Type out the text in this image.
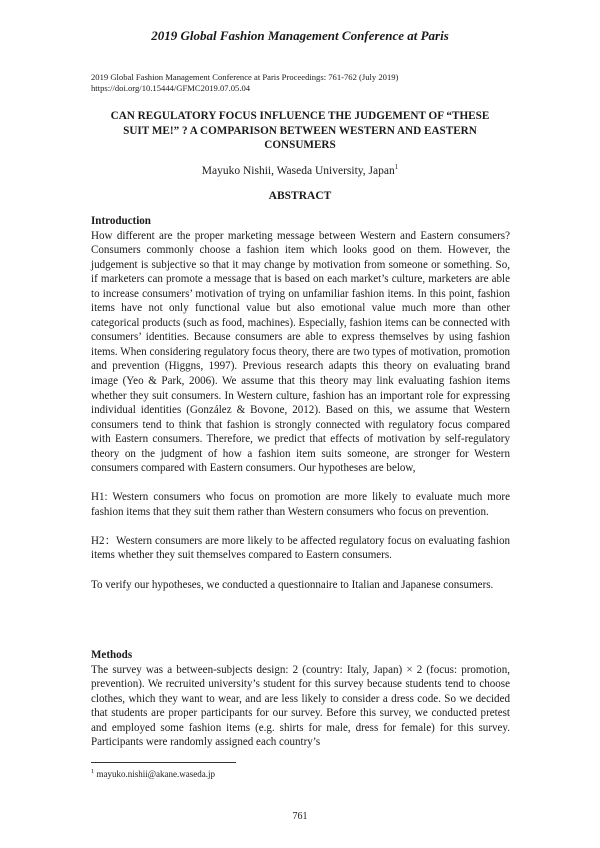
2019 Global Fashion Management Conference at Paris
2019 Global Fashion Management Conference at Paris Proceedings: 761-762 (July 2019)
https://doi.org/10.15444/GFMC2019.07.05.04
CAN REGULATORY FOCUS INFLUENCE THE JUDGEMENT OF “THESE
SUIT ME!” ? A COMPARISON BETWEEN WESTERN AND EASTERN
CONSUMERS
Mayuko Nishii, Waseda University, Japan$^1$
ABSTRACT
Introduction

How different are the proper marketing message between Western and Eastern consumers? Consumers commonly choose a fashion item which looks good on them. However, the judgement is subjective so that it may change by motivation from someone or something. So, if marketers can promote a message that is based on each market’s culture, marketers are able to increase consumers’ motivation of trying on unfamiliar fashion items. In this point, fashion items have not only functional value but also emotional value much more than other categorical products (such as food, machines). Especially, fashion items can be connected with consumers’ identities. Because consumers are able to express themselves by using fashion items. When considering regulatory focus theory, there are two types of motivation, promotion and prevention (Higgns, 1997). Previous research adapts this theory on evaluating brand image (Yeo & Park, 2006). We assume that this theory may link evaluating fashion items whether they suit consumers. In Western culture, fashion has an important role for expressing individual identities (González & Bovone, 2012). Based on this, we assume that Western consumers tend to think that fashion is strongly connected with regulatory focus compared with Eastern consumers. Therefore, we predict that effects of motivation by self-regulatory theory on the judgment of how a fashion item suits someone, are stronger for Western consumers compared with Eastern consumers. Our hypotheses are below,

H1: Western consumers who focus on promotion are more likely to evaluate much more fashion items that they suit them rather than Western consumers who focus on prevention.

H2：Western consumers are more likely to be affected regulatory focus on evaluating fashion items whether they suit themselves compared to Eastern consumers.

To verify our hypotheses, we conducted a questionnaire to Italian and Japanese consumers.

Methods

The survey was a between-subjects design: 2 (country: Italy, Japan) × 2 (focus: promotion, prevention). We recruited university’s student for this survey because students tend to choose clothes, which they want to wear, and are less likely to consider a dress code. So we decided that students are proper participants for our survey. Before this survey, we conducted pretest and employed some fashion items (e.g. shirts for male, dress for female) for this survey. Participants were randomly assigned each country’s

$^1$ mayuko.nishii@akane.waseda.jp
761
